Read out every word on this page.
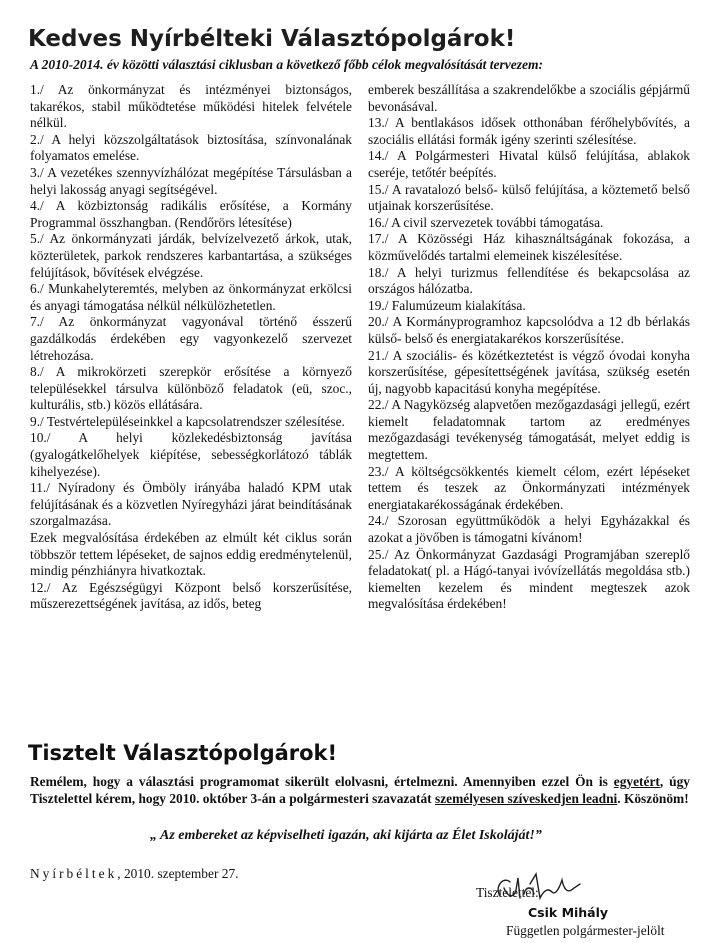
Kedves Nyírbélteki Választópolgárok!
A 2010-2014. év közötti választási ciklusban a következő főbb célok megvalósítását tervezem:

1./ Az önkormányzat és intézményei biztonságos, takarékos, stabil működtetése működési hitelek felvétele nélkül.

2./ A helyi közszolgáltatások biztosítása, színvonalának folyamatos emelése.

3./ A vezetékes szennyvízhálózat megépítése Társulásban a helyi lakosság anyagi segítségével.

4./ A közbiztonság radikális erősítése, a Kormány Programmal összhangban. (Rendőrörs létesítése)

5./ Az önkormányzati járdák, belvízelvezető árkok, utak, közterületek, parkok rendszeres karbantartása, a szükséges felújítások, bővítések elvégzése.

6./ Munkahelyteremtés, melyben az önkormányzat erkölcsi és anyagi támogatása nélkül nélkülözhetetlen.

7./ Az önkormányzat vagyonával történő ésszerű gazdálkodás érdekében egy vagyonkezelő szervezet létrehozása.

8./ A mikrokörzeti szerepkör erősítése a környező településekkel társulva különböző feladatok (eü, szoc., kulturális, stb.) közös ellátására.

9./ Testvértelepüléseinkkel a kapcsolatrendszer szélesítése.

10./ A helyi közlekedésbiztonság javítása (gyalogátkelőhelyek kiépítése, sebességkorlátozó táblák kihelyezése).

11./ Nyíradony és Ömböly irányába haladó KPM utak felújításának és a közvetlen Nyíregyházi járat beindításának szorgalmazása.

Ezek megvalósítása érdekében az elmúlt két ciklus során többször tettem lépéseket, de sajnos eddig eredménytelenül, mindig pénzhiányra hivatkoztak.

12./ Az Egészségügyi Központ belső korszerűsítése, műszerezettségének javítása, az idős, beteg

emberek beszállítása a szakrendelőkbe a szociális gépjármű bevonásával.

13./ A bentlakásos idősek otthonában férőhelybővítés, a szociális ellátási formák igény szerinti szélesítése.

14./ A Polgármesteri Hivatal külső felújítása, ablakok cseréje, tetőtér beépítés.

15./ A ravatalozó belső- külső felújítása, a köztemető belső utjainak korszerűsítése.

16./ A civil szervezetek további támogatása.

17./ A Közösségi Ház kihasználtságának fokozása, a közművelődés tartalmi elemeinek kiszélesítése.

18./ A helyi turizmus fellendítése és bekapcsolása az országos hálózatba.

19./ Falumúzeum kialakítása.

20./ A Kormányprogramhoz kapcsolódva a 12 db bérlakás külső- belső és energiatakarékos korszerűsítése.

21./ A szociális- és közétkeztetést is végző óvodai konyha korszerűsítése, gépesítettségének javítása, szükség esetén új, nagyobb kapacitású konyha megépítése.

22./ A Nagyközség alapvetően mezőgazdasági jellegű, ezért kiemelt feladatomnak tartom az eredményes mezőgazdasági tevékenység támogatását, melyet eddig is megtettem.

23./ A költségcsökkentés kiemelt célom, ezért lépéseket tettem és teszek az Önkormányzati intézmények energiatakarékosságának érdekében.

24./ Szorosan együttműködök a helyi Egyházakkal és azokat a jövőben is támogatni kívánom!

25./ Az Önkormányzat Gazdasági Programjában szereplő feladatokat( pl. a Hágó-tanyai ivóvízellátás megoldása stb.) kiemelten kezelem és mindent megteszek azok megvalósítása érdekében!

Tisztelt Választópolgárok!
Remélem, hogy a választási programomat sikerült elolvasni, értelmezni. Amennyiben ezzel Ön is egyetért, úgy Tisztelettel kérem, hogy 2010. október 3-án a polgármesteri szavazatát személyesen szíveskedjen leadni. Köszönöm!
„ Az embereket az képviselheti igazán, aki kijárta az Élet Iskoláját!”
Nyírbéltek, 2010. szeptember 27.
Tisztelettel:
Csik Mihály
Független polgármester-jelölt
